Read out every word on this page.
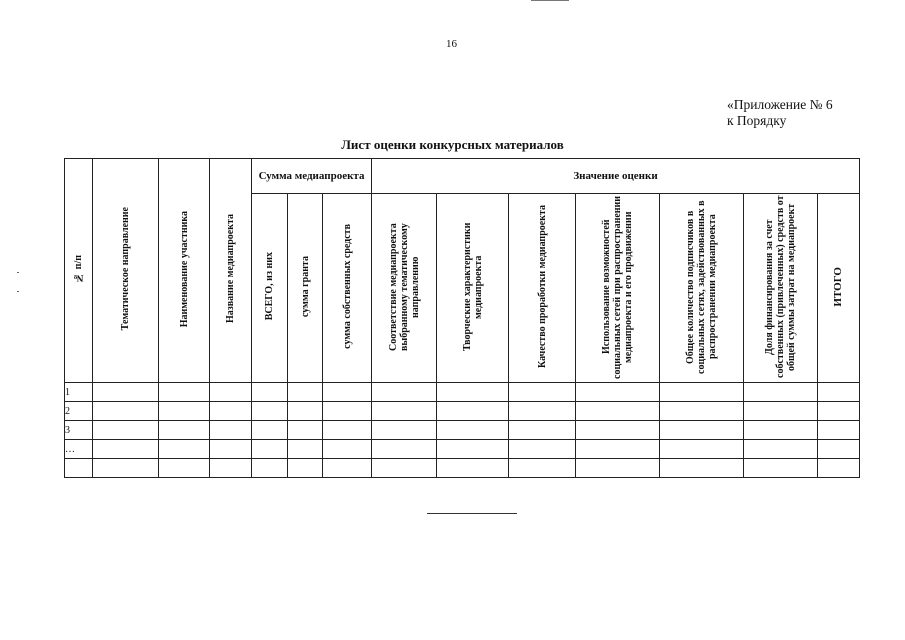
16
«Приложение № 6
к Порядку
Лист оценки конкурсных материалов
№ п/п	Тематическое направление	Наименование участника	Название медиапроекта	Сумма медиапроекта			Значение оценки						
				ВСЕГО, из них	сумма гранта	сумма собственных средств	Соответствие медиапроекта выбранному тематическому направлению	Творческие характеристики медиапроекта	Качество проработки медиапроекта	Использование возможностей социальных сетей при распространении медиапроекта и его продвижении	Общее количество подписчиков в социальных сетях, задействованных в распространении медиапроекта	Доля финансирования за счет собственных (привлеченных) средств от общей суммы затрат на медиапроект	ИТОГО
1													
2													
3													
…													
